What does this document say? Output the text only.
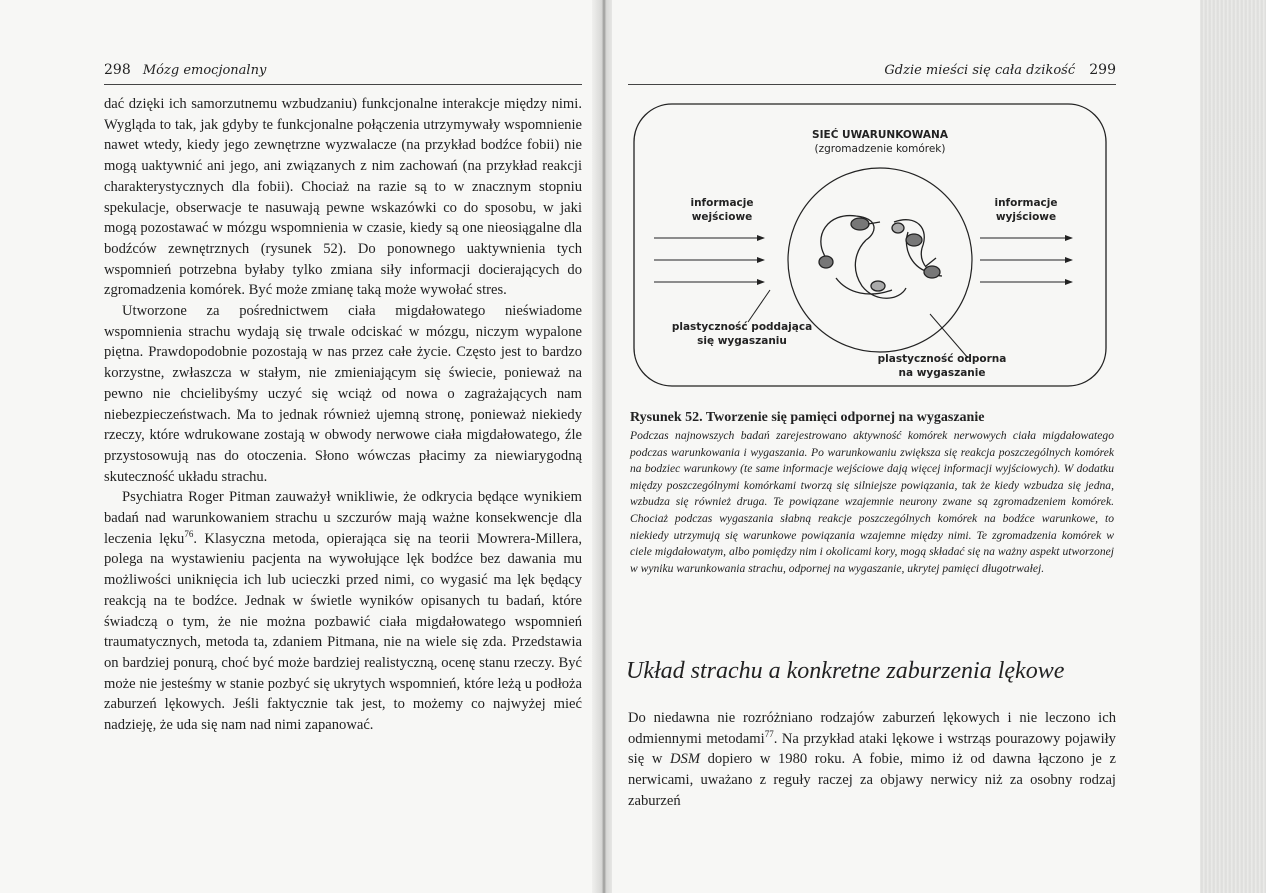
298 Mózg emocjonalny

dać dzięki ich samorzutnemu wzbudzaniu) funkcjonalne interakcje między nimi. Wygląda to tak, jak gdyby te funkcjonalne połączenia utrzymywały wspomnienie nawet wtedy, kiedy jego zewnętrzne wyzwalacze (na przykład bodźce fobii) nie mogą uaktywnić ani jego, ani związanych z nim zachowań (na przykład reakcji charakterystycznych dla fobii). Chociaż na razie są to w znacznym stopniu spekulacje, obserwacje te nasuwają pewne wskazówki co do sposobu, w jaki mogą pozostawać w mózgu wspomnienia w czasie, kiedy są one nieosiągalne dla bodźców zewnętrznych (rysunek 52). Do ponownego uaktywnienia tych wspomnień potrzebna byłaby tylko zmiana siły informacji docierających do zgromadzenia komórek. Być może zmianę taką może wywołać stres.

Utworzone za pośrednictwem ciała migdałowatego nieświadome wspomnienia strachu wydają się trwale odciskać w mózgu, niczym wypalone piętna. Prawdopodobnie pozostają w nas przez całe życie. Często jest to bardzo korzystne, zwłaszcza w stałym, nie zmieniającym się świecie, ponieważ na pewno nie chcielibyśmy uczyć się wciąż od nowa o zagrażających nam niebezpieczeństwach. Ma to jednak również ujemną stronę, ponieważ niekiedy rzeczy, które wdrukowane zostają w obwody nerwowe ciała migdałowatego, źle przystosowują nas do otoczenia. Słono wówczas płacimy za niewiarygodną skuteczność układu strachu.

Psychiatra Roger Pitman zauważył wnikliwie, że odkrycia będące wynikiem badań nad warunkowaniem strachu u szczurów mają ważne konsekwencje dla leczenia lęku$^{76}$. Klasyczna metoda, opierająca się na teorii Mowrera-Millera, polega na wystawieniu pacjenta na wywołujące lęk bodźce bez dawania mu możliwości uniknięcia ich lub ucieczki przed nimi, co wygasić ma lęk będący reakcją na te bodźce. Jednak w świetle wyników opisanych tu badań, które świadczą o tym, że nie można pozbawić ciała migdałowatego wspomnień traumatycznych, metoda ta, zdaniem Pitmana, nie na wiele się zda. Przedstawia on bardziej ponurą, choć być może bardziej realistyczną, ocenę stanu rzeczy. Być może nie jesteśmy w stanie pozbyć się ukrytych wspomnień, które leżą u podłoża zaburzeń lękowych. Jeśli faktycznie tak jest, to możemy co najwyżej mieć nadzieję, że uda się nam nad nimi zapanować.

Gdzie mieści się cała dzikość 299
SIEĆ UWARUNKOWANA
(zgromadzenie komórek)
informacje
wejściowe
informacje
wyjściowe
plastyczność poddająca
się wygaszaniu
plastyczność odporna
na wygaszanie
Rysunek 52. Tworzenie się pamięci odpornej na wygaszanie
Podczas najnowszych badań zarejestrowano aktywność komórek nerwowych ciała migdałowatego podczas warunkowania i wygaszania. Po warunkowaniu zwiększa się reakcja poszczególnych komórek na bodziec warunkowy (te same informacje wejściowe dają więcej informacji wyjściowych). W dodatku między poszczególnymi komórkami tworzą się silniejsze powiązania, tak że kiedy wzbudza się jedna, wzbudza się również druga. Te powiązane wzajemnie neurony zwane są zgromadzeniem komórek. Chociaż podczas wygaszania słabną reakcje poszczególnych komórek na bodźce warunkowe, to niekiedy utrzymują się warunkowe powiązania wzajemne między nimi. Te zgromadzenia komórek w ciele migdałowatym, albo pomiędzy nim i okolicami kory, mogą składać się na ważny aspekt utworzonej w wyniku warunkowania strachu, odpornej na wygaszanie, ukrytej pamięci długotrwałej.
Układ strachu a konkretne zaburzenia lękowe

Do niedawna nie rozróżniano rodzajów zaburzeń lękowych i nie leczono ich odmiennymi metodami$^{77}$. Na przykład ataki lękowe i wstrząs pourazowy pojawiły się w DSM dopiero w 1980 roku. A fobie, mimo iż od dawna łączono je z nerwicami, uważano z reguły raczej za objawy nerwicy niż za osobny rodzaj zaburzeń
